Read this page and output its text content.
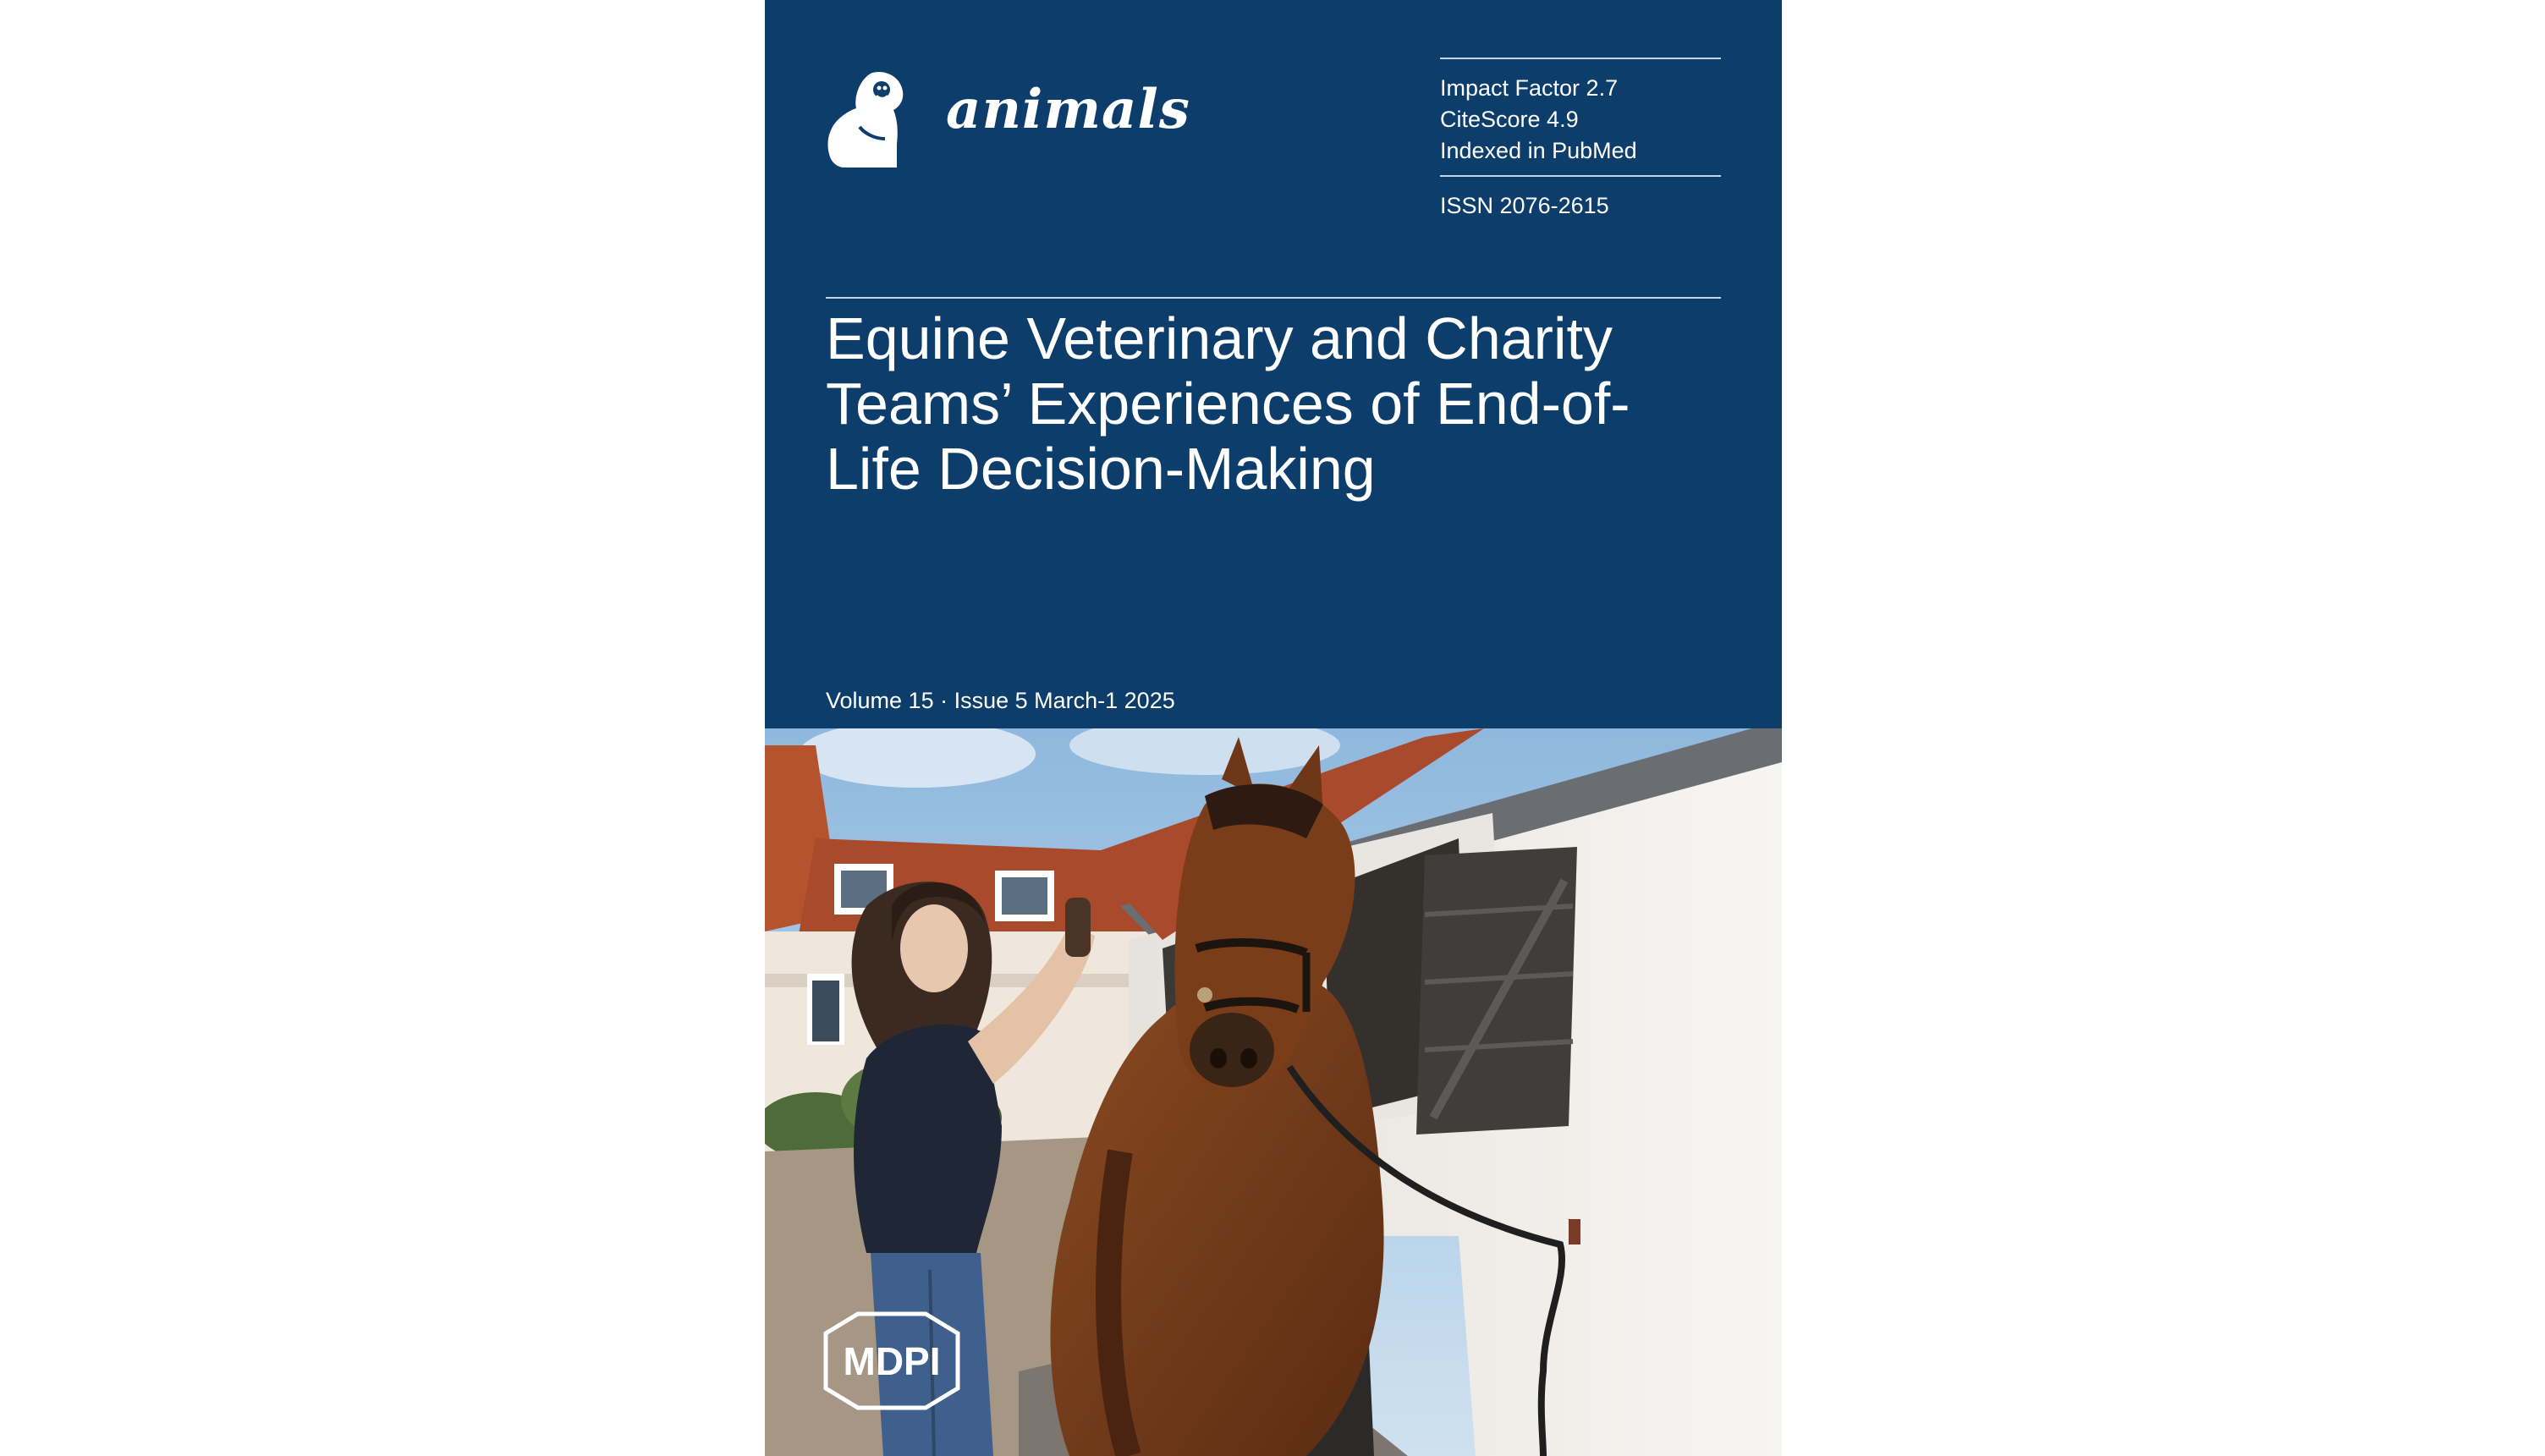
animals	Impact Factor 2.7
CiteScore 4.9
Indexed in PubMed
ISSN 2076-2615
Equine Veterinary and Charity
Teams’ Experiences of End-of-
Life Decision-Making
Volume 15 · Issue 5 March-1 2025
MDPI
